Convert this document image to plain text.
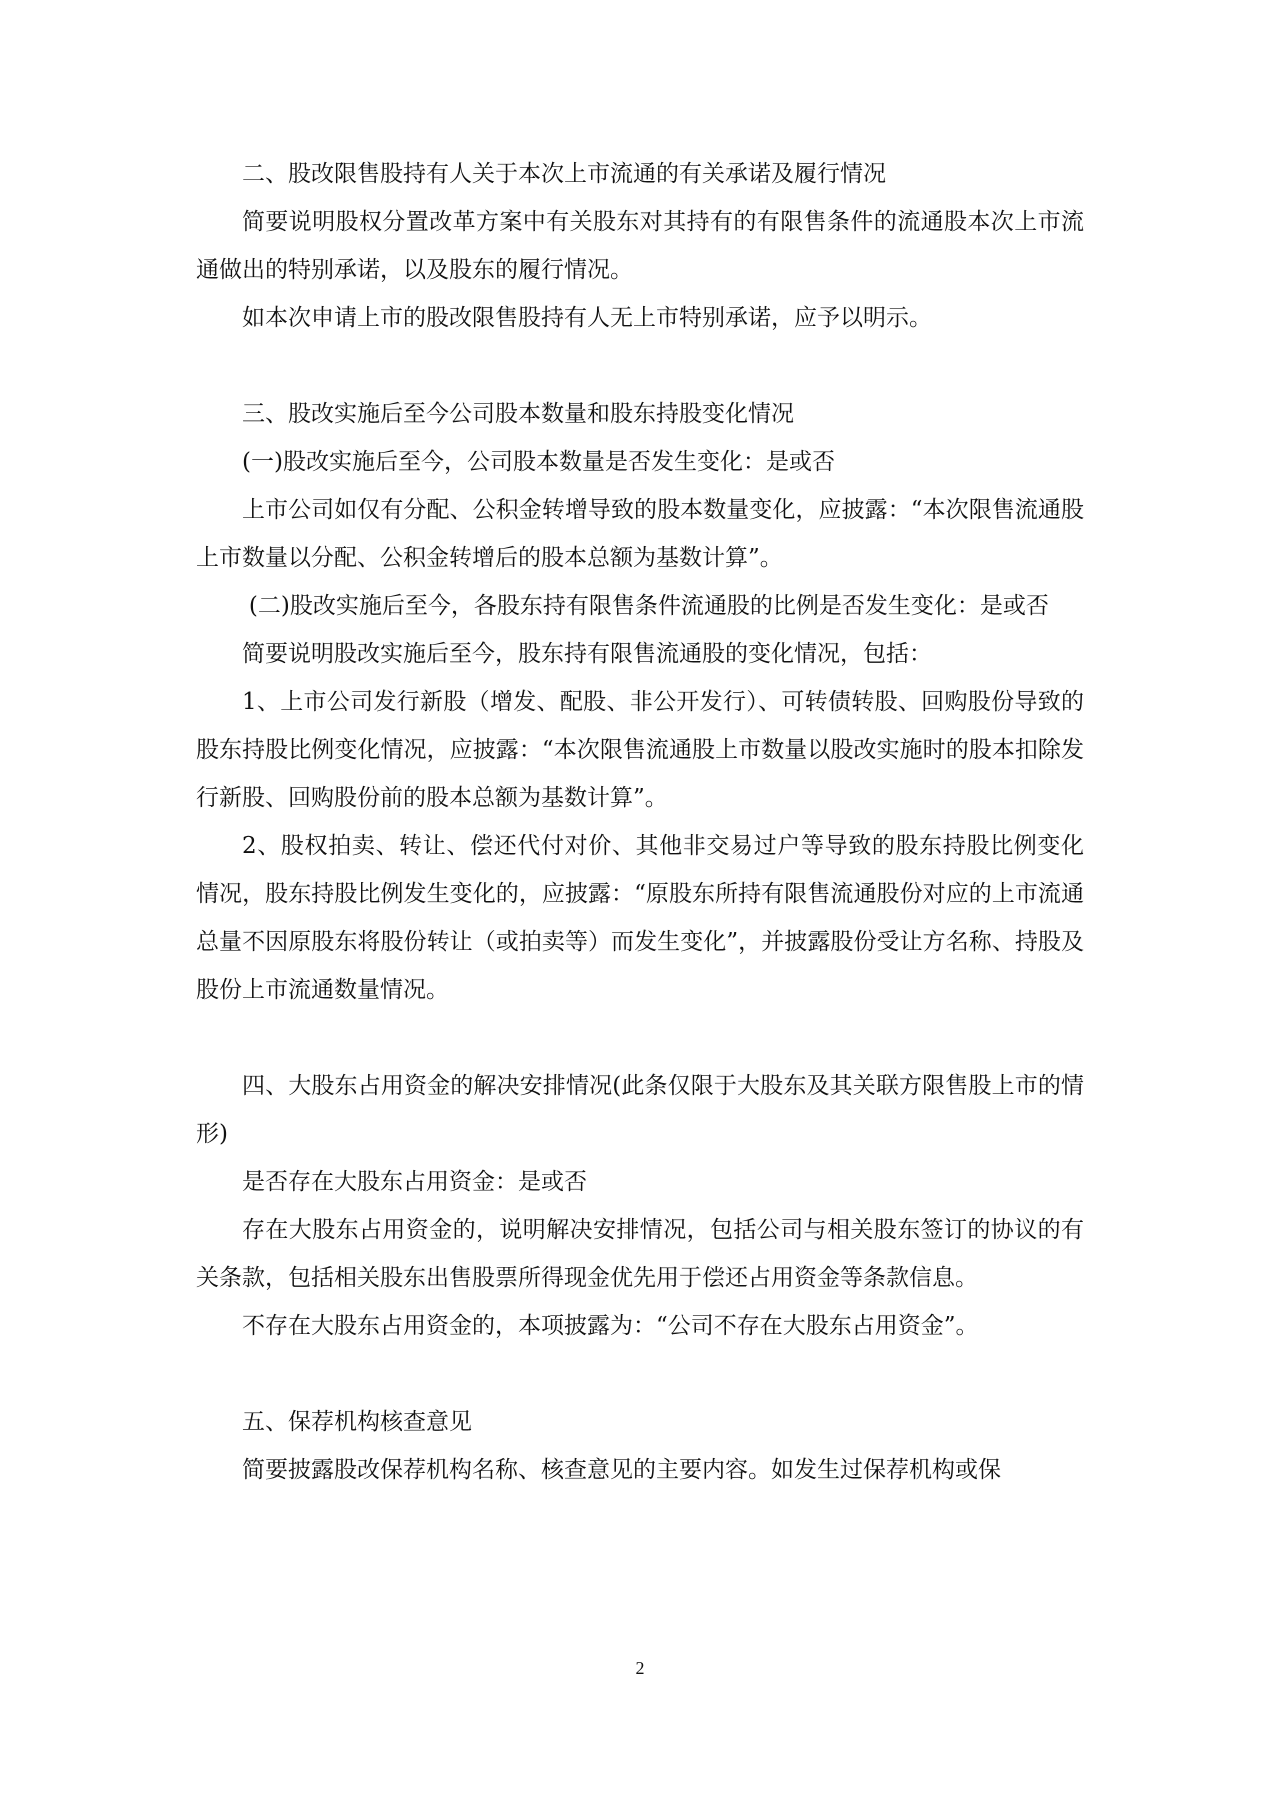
二、股改限售股持有人关于本次上市流通的有关承诺及履行情况

简要说明股权分置改革方案中有关股东对其持有的有限售条件的流通股本次上市流通做出的特别承诺，以及股东的履行情况。

如本次申请上市的股改限售股持有人无上市特别承诺，应予以明示。

三、股改实施后至今公司股本数量和股东持股变化情况

(一)股改实施后至今，公司股本数量是否发生变化：是或否

上市公司如仅有分配、公积金转增导致的股本数量变化，应披露：“本次限售流通股上市数量以分配、公积金转增后的股本总额为基数计算”。

(二)股改实施后至今，各股东持有限售条件流通股的比例是否发生变化：是或否

简要说明股改实施后至今，股东持有限售流通股的变化情况，包括：

1、上市公司发行新股（增发、配股、非公开发行）、可转债转股、回购股份导致的股东持股比例变化情况，应披露：“本次限售流通股上市数量以股改实施时的股本扣除发行新股、回购股份前的股本总额为基数计算”。

2、股权拍卖、转让、偿还代付对价、其他非交易过户等导致的股东持股比例变化情况，股东持股比例发生变化的，应披露：“原股东所持有限售流通股份对应的上市流通总量不因原股东将股份转让（或拍卖等）而发生变化”，并披露股份受让方名称、持股及股份上市流通数量情况。

四、大股东占用资金的解决安排情况(此条仅限于大股东及其关联方限售股上市的情形)

是否存在大股东占用资金：是或否

存在大股东占用资金的，说明解决安排情况，包括公司与相关股东签订的协议的有关条款，包括相关股东出售股票所得现金优先用于偿还占用资金等条款信息。

不存在大股东占用资金的，本项披露为：“公司不存在大股东占用资金”。

五、保荐机构核查意见

简要披露股改保荐机构名称、核查意见的主要内容。如发生过保荐机构或保

2
